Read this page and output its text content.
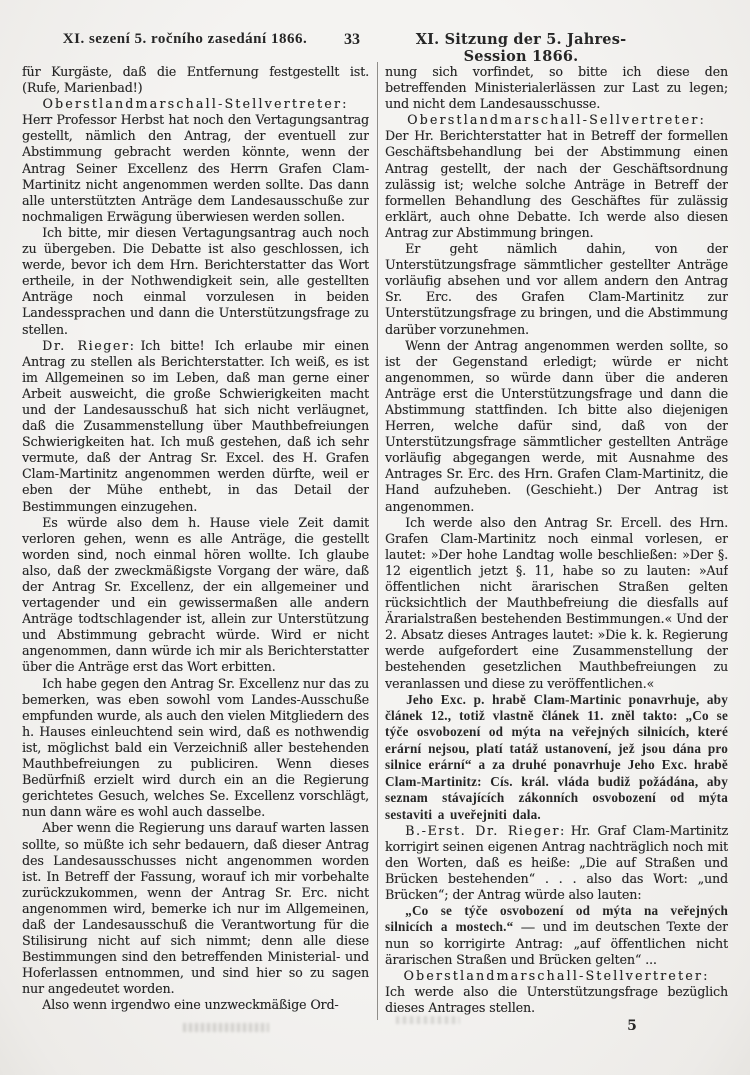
XI. sezení 5. ročního zasedání 1866.	33	XI. Sitzung der 5. Jahres-Session 1866.

für Kurgäste, daß die Entfernung festgestellt ist. (Rufe, Marienbad!)

Oberstlandmarschall-Stellvertreter:

Herr Professor Herbst hat noch den Vertagungsantrag gestellt, nämlich den Antrag, der eventuell zur Abstimmung gebracht werden könnte, wenn der Antrag Seiner Excellenz des Herrn Grafen Clam-Martinitz nicht angenommen werden sollte. Das dann alle unterstützten Anträge dem Landesausschuße zur nochmaligen Erwägung überwiesen werden sollen.

Ich bitte, mir diesen Vertagungsantrag auch noch zu übergeben. Die Debatte ist also geschlossen, ich werde, bevor ich dem Hrn. Berichterstatter das Wort ertheile, in der Nothwendigkeit sein, alle gestellten Anträge noch einmal vorzulesen in beiden Landessprachen und dann die Unterstützungsfrage zu stellen.

Dr. Rieger: Ich bitte! Ich erlaube mir einen Antrag zu stellen als Berichterstatter. Ich weiß, es ist im Allgemeinen so im Leben, daß man gerne einer Arbeit ausweicht, die große Schwierigkeiten macht und der Landesausschuß hat sich nicht verläugnet, daß die Zusammenstellung über Mauthbefreiungen Schwierigkeiten hat. Ich muß gestehen, daß ich sehr vermute, daß der Antrag Sr. Excel. des H. Grafen Clam-Martinitz angenommen werden dürfte, weil er eben der Mühe enthebt, in das Detail der Bestimmungen einzugehen.

Es würde also dem h. Hause viele Zeit damit verloren gehen, wenn es alle Anträge, die gestellt worden sind, noch einmal hören wollte. Ich glaube also, daß der zweckmäßigste Vorgang der wäre, daß der Antrag Sr. Excellenz, der ein allgemeiner und vertagender und ein gewissermaßen alle andern Anträge todtschlagender ist, allein zur Unterstützung und Abstimmung gebracht würde. Wird er nicht angenommen, dann würde ich mir als Berichterstatter über die Anträge erst das Wort erbitten.

Ich habe gegen den Antrag Sr. Excellenz nur das zu bemerken, was eben sowohl vom Landes-Ausschuße empfunden wurde, als auch den vielen Mitgliedern des h. Hauses einleuchtend sein wird, daß es nothwendig ist, möglichst bald ein Verzeichniß aller bestehenden Mauthbefreiungen zu publiciren. Wenn dieses Bedürfniß erzielt wird durch ein an die Regierung gerichtetes Gesuch, welches Se. Excellenz vorschlägt, nun dann wäre es wohl auch dasselbe.

Aber wenn die Regierung uns darauf warten lassen sollte, so müßte ich sehr bedauern, daß dieser Antrag des Landesausschusses nicht angenommen worden ist. In Betreff der Fassung, worauf ich mir vorbehalte zurückzukommen, wenn der Antrag Sr. Erc. nicht angenommen wird, bemerke ich nur im Allgemeinen, daß der Landesausschuß die Verantwortung für die Stilisirung nicht auf sich nimmt; denn alle diese Bestimmungen sind den betreffenden Ministerial- und Hoferlassen entnommen, und sind hier so zu sagen nur angedeutet worden.

Also wenn irgendwo eine unzweckmäßige Ord-

nung sich vorfindet, so bitte ich diese den betreffenden Ministerialerlässen zur Last zu legen; und nicht dem Landesausschusse.

Oberstlandmarschall-Sellvertreter:

Der Hr. Berichterstatter hat in Betreff der formellen Geschäftsbehandlung bei der Abstimmung einen Antrag gestellt, der nach der Geschäftsordnung zulässig ist; welche solche Anträge in Betreff der formellen Behandlung des Geschäftes für zulässig erklärt, auch ohne Debatte. Ich werde also diesen Antrag zur Abstimmung bringen.

Er geht nämlich dahin, von der Unterstützungsfrage sämmtlicher gestellter Anträge vorläufig absehen und vor allem andern den Antrag Sr. Erc. des Grafen Clam-Martinitz zur Unterstützungsfrage zu bringen, und die Abstimmung darüber vorzunehmen.

Wenn der Antrag angenommen werden sollte, so ist der Gegenstand erledigt; würde er nicht angenommen, so würde dann über die anderen Anträge erst die Unterstützungsfrage und dann die Abstimmung stattfinden. Ich bitte also diejenigen Herren, welche dafür sind, daß von der Unterstützungsfrage sämmtlicher gestellten Anträge vorläufig abgegangen werde, mit Ausnahme des Antrages Sr. Erc. des Hrn. Grafen Clam-Martinitz, die Hand aufzuheben. (Geschieht.) Der Antrag ist angenommen.

Ich werde also den Antrag Sr. Ercell. des Hrn. Grafen Clam-Martinitz noch einmal vorlesen, er lautet: »Der hohe Landtag wolle beschließen: »Der §. 12 eigentlich jetzt §. 11, habe so zu lauten: »Auf öffentlichen nicht ärarischen Straßen gelten rücksichtlich der Mauthbefreiung die diesfalls auf Ärarialstraßen bestehenden Bestimmungen.« Und der 2. Absatz dieses Antrages lautet: »Die k. k. Regierung werde aufgefordert eine Zusammenstellung der bestehenden gesetzlichen Mauthbefreiungen zu veranlassen und diese zu veröffentlichen.«

Jeho Exc. p. hrabě Clam-Martinic ponavrhuje, aby článek 12., totiž vlastně článek 11. zněl takto: „Co se týče osvobození od mýta na veřejných silnicích, které erární nejsou, platí tatáž ustanovení, jež jsou dána pro silnice erární“ a za druhé ponavrhuje Jeho Exc. hrabě Clam-Martinitz: Cís. král. vláda budiž požádána, aby seznam stávajících zákonních osvobození od mýta sestaviti a uveřejniti dala.

B.-Erst. Dr. Rieger: Hr. Graf Clam-Martinitz korrigirt seinen eigenen Antrag nachträglich noch mit den Worten, daß es heiße: „Die auf Straßen und Brücken bestehenden“ . . . also das Wort: „und Brücken“; der Antrag würde also lauten:

„Co se týče osvobození od mýta na veřejných silnicích a mostech.“ — und im deutschen Texte der nun so korrigirte Antrag: „auf öffentlichen nicht ärarischen Straßen und Brücken gelten“ ...

Oberstlandmarschall-Stellvertreter:

Ich werde also die Unterstützungsfrage bezüglich dieses Antrages stellen.

5
